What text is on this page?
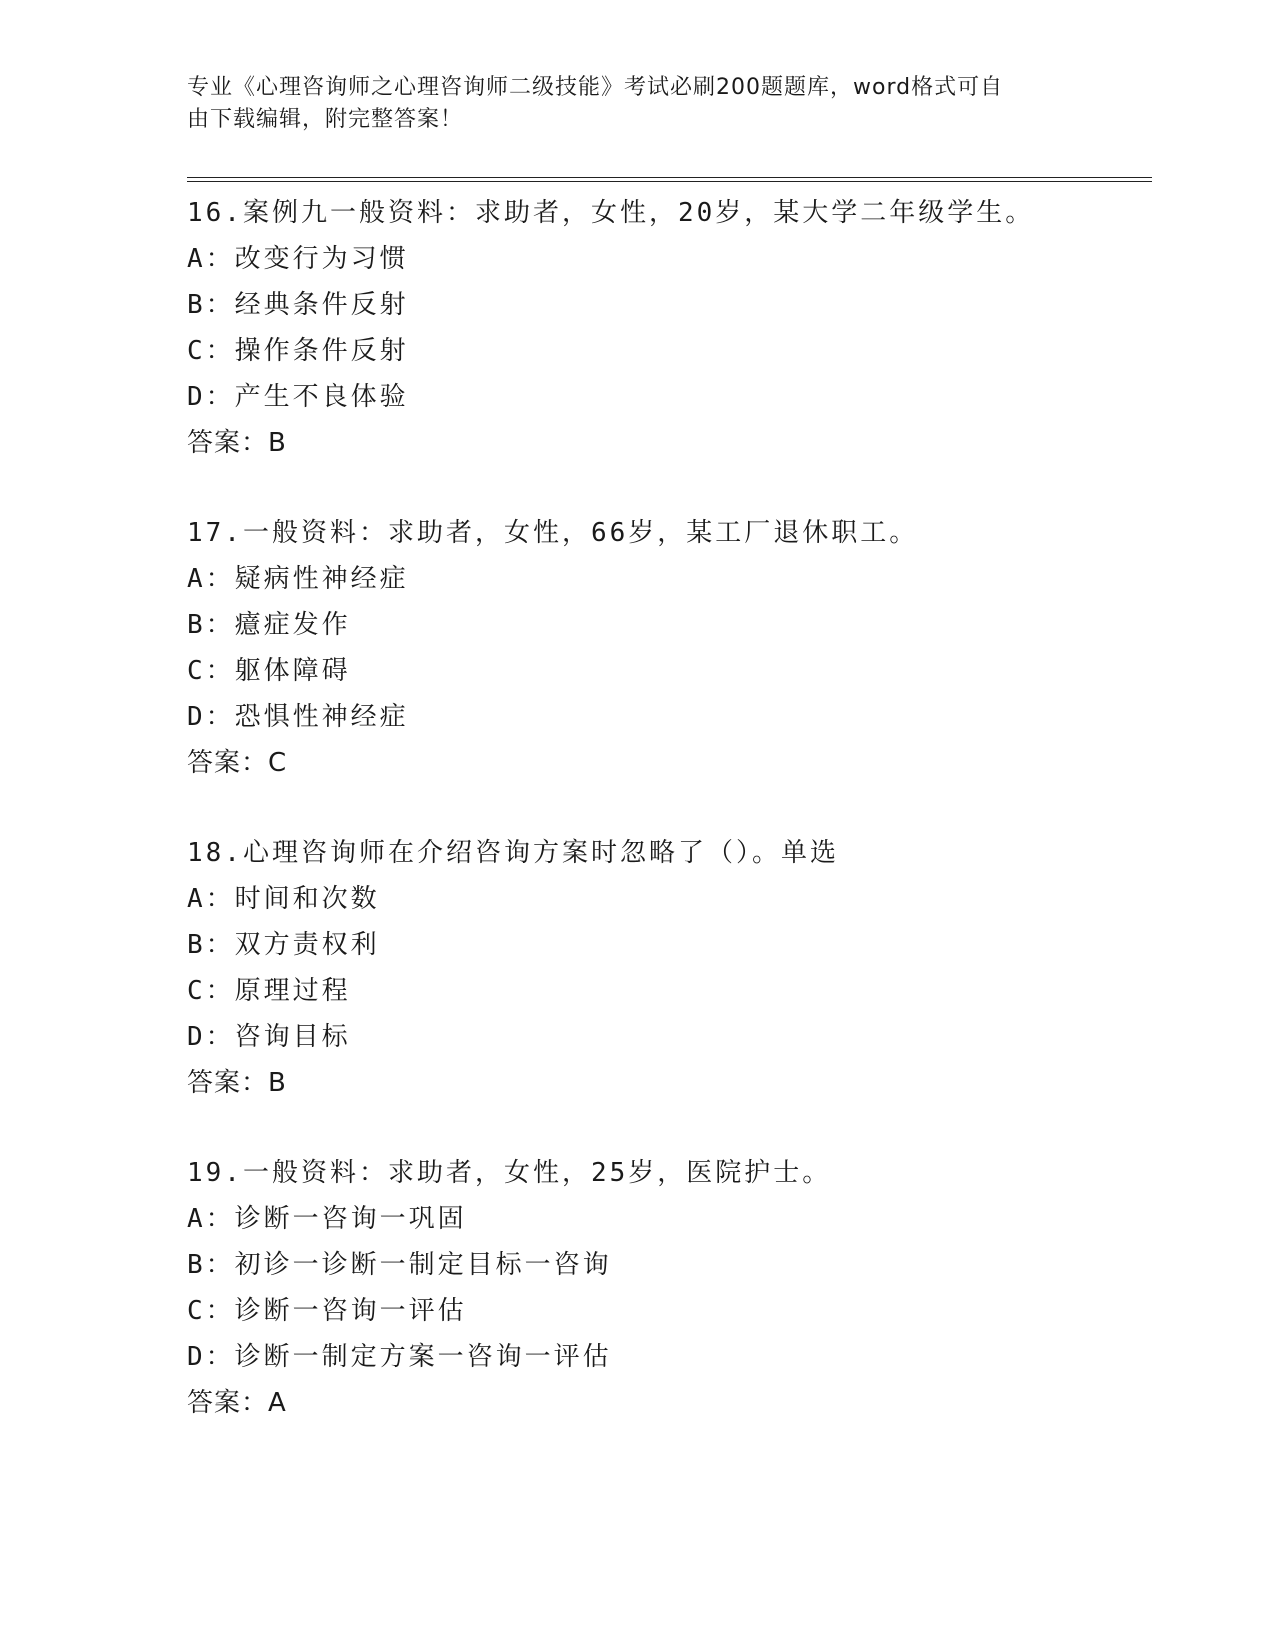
专业《心理咨询师之心理咨询师二级技能》考试必刷200题题库，word格式可自
由下载编辑，附完整答案！
16.案例九一般资料：求助者，女性，20岁，某大学二年级学生。
A：改变行为习惯
B：经典条件反射
C：操作条件反射
D：产生不良体验
答案：B
17.一般资料：求助者，女性，66岁，某工厂退休职工。
A：疑病性神经症
B：癔症发作
C：躯体障碍
D：恐惧性神经症
答案：C
18.心理咨询师在介绍咨询方案时忽略了（）。单选
A：时间和次数
B：双方责权利
C：原理过程
D：咨询目标
答案：B
19.一般资料：求助者，女性，25岁，医院护士。
A：诊断一咨询一巩固
B：初诊一诊断一制定目标一咨询
C：诊断一咨询一评估
D：诊断一制定方案一咨询一评估
答案：A
